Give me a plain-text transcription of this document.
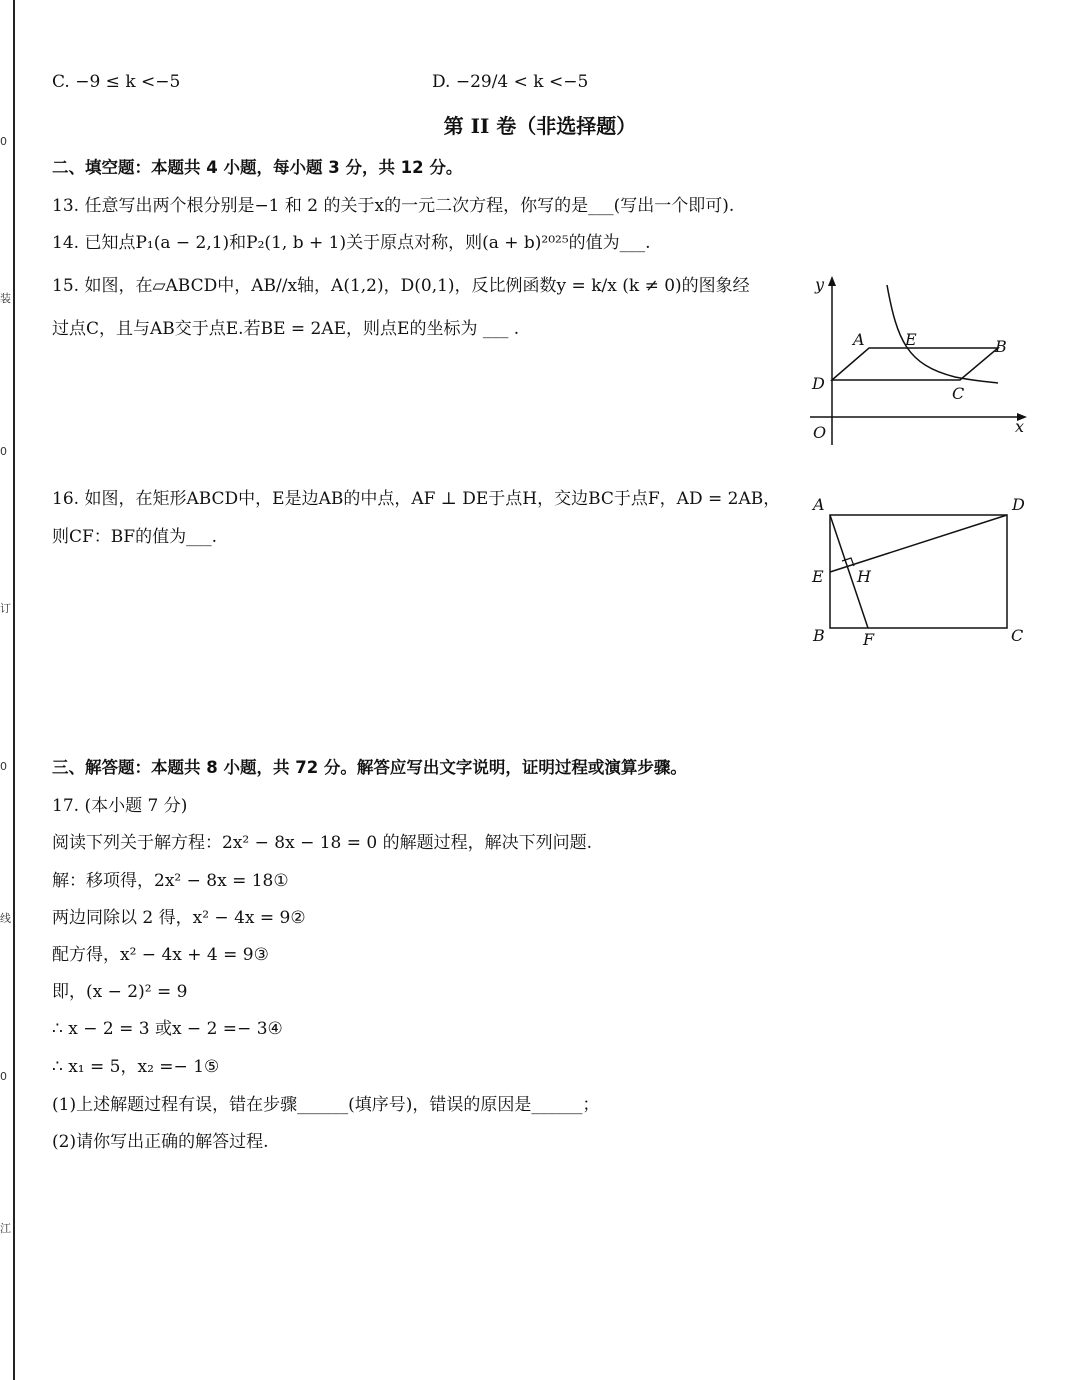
0
装
0
订
0
线
0
江
C. −9 ≤ k <−5	D. −29/4 < k <−5
第 II 卷（非选择题）
二、填空题：本题共 4 小题，每小题 3 分，共 12 分。
13. 任意写出两个根分别是−1 和 2 的关于x的一元二次方程，你写的是___(写出一个即可).
14. 已知点P₁(a − 2,1)和P₂(1, b + 1)关于原点对称，则(a + b)²⁰²⁵的值为___.
15. 如图，在▱ABCD中，AB//x轴，A(1,2)，D(0,1)，反比例函数y = k/x (k ≠ 0)的图象经
过点C，且与AB交于点E.若BE = 2AE，则点E的坐标为 ___ .
y
x
O
A	E	B
D
C
16. 如图，在矩形ABCD中，E是边AB的中点，AF ⊥ DE于点H，交边BC于点F，AD = 2AB，
则CF：BF的值为___.
A	D
E H
B F	C
三、解答题：本题共 8 小题，共 72 分。解答应写出文字说明，证明过程或演算步骤。
17. (本小题 7 分)
阅读下列关于解方程：2x² − 8x − 18 = 0 的解题过程，解决下列问题.
解：移项得，2x² − 8x = 18①
两边同除以 2 得，x² − 4x = 9②
配方得，x² − 4x + 4 = 9③
即，(x − 2)² = 9
∴ x − 2 = 3 或x − 2 =− 3④
∴ x₁ = 5，x₂ =− 1⑤
(1)上述解题过程有误，错在步骤______(填序号)，错误的原因是______；
(2)请你写出正确的解答过程.
